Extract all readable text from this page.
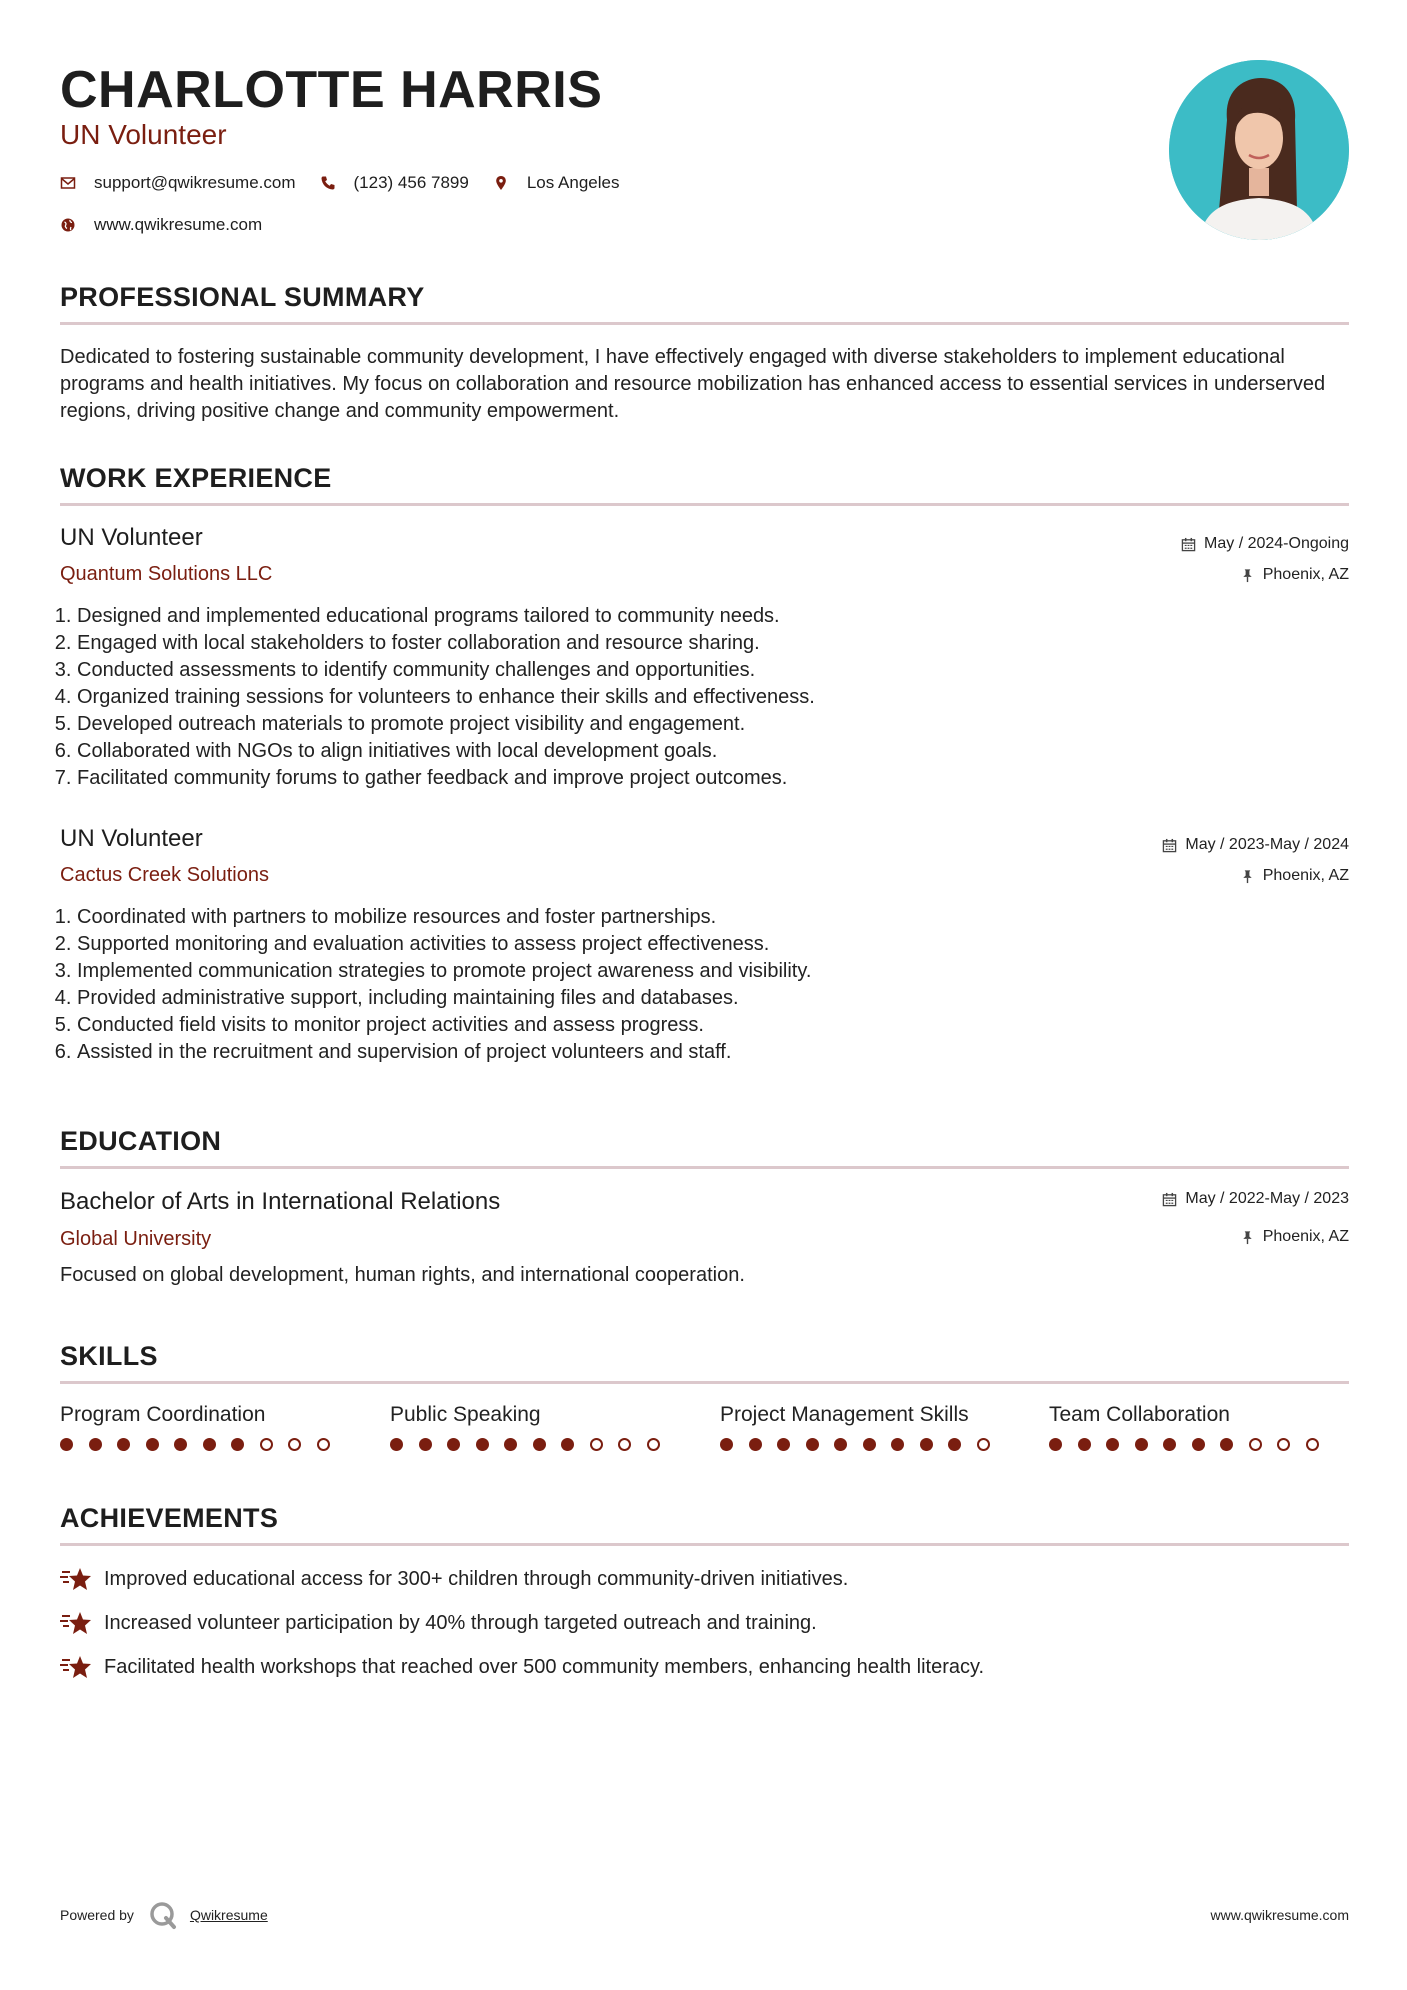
CHARLOTTE HARRIS
UN Volunteer
support@qwikresume.com	(123) 456 7899	Los Angeles
www.qwikresume.com
PROFESSIONAL SUMMARY
Dedicated to fostering sustainable community development, I have effectively engaged with diverse stakeholders to implement educational programs and health initiatives. My focus on collaboration and resource mobilization has enhanced access to essential services in underserved regions, driving positive change and community empowerment.
WORK EXPERIENCE
UN Volunteer
Quantum Solutions LLC
May / 2024-Ongoing
Phoenix, AZ
1. Designed and implemented educational programs tailored to community needs.
2. Engaged with local stakeholders to foster collaboration and resource sharing.
3. Conducted assessments to identify community challenges and opportunities.
4. Organized training sessions for volunteers to enhance their skills and effectiveness.
5. Developed outreach materials to promote project visibility and engagement.
6. Collaborated with NGOs to align initiatives with local development goals.
7. Facilitated community forums to gather feedback and improve project outcomes.
UN Volunteer
Cactus Creek Solutions
May / 2023-May / 2024
Phoenix, AZ
1. Coordinated with partners to mobilize resources and foster partnerships.
2. Supported monitoring and evaluation activities to assess project effectiveness.
3. Implemented communication strategies to promote project awareness and visibility.
4. Provided administrative support, including maintaining files and databases.
5. Conducted field visits to monitor project activities and assess progress.
6. Assisted in the recruitment and supervision of project volunteers and staff.
EDUCATION
Bachelor of Arts in International Relations
Global University
May / 2022-May / 2023
Phoenix, AZ
Focused on global development, human rights, and international cooperation.
SKILLS
Program Coordination	Public Speaking	Project Management Skills	Team Collaboration
ACHIEVEMENTS
Improved educational access for 300+ children through community-driven initiatives.
Increased volunteer participation by 40% through targeted outreach and training.
Facilitated health workshops that reached over 500 community members, enhancing health literacy.
Powered by	Qwikresume	www.qwikresume.com
